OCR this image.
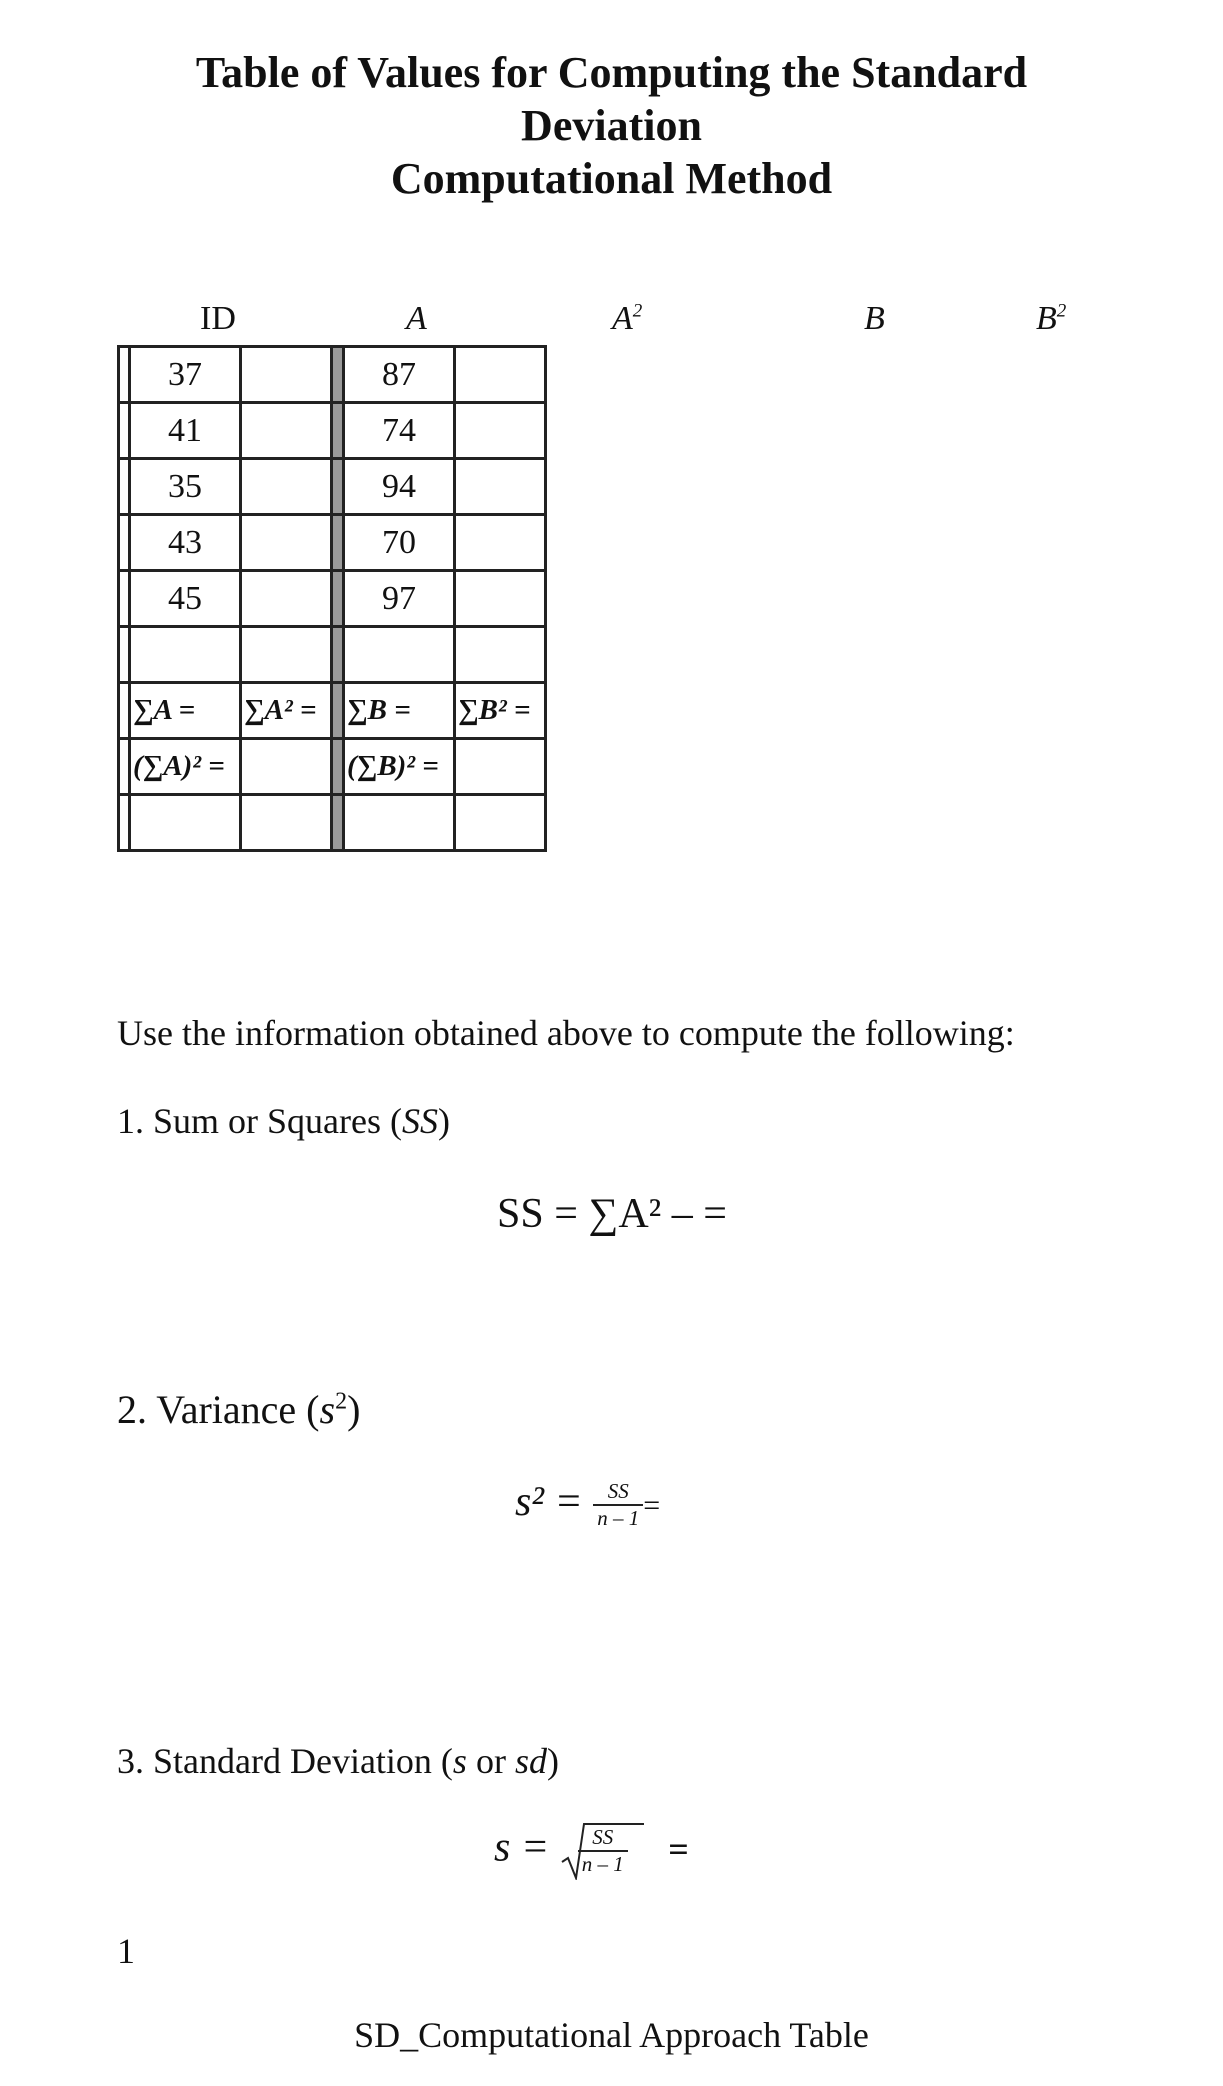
Table of Values for Computing the Standard
Deviation
Computational Method
ID	A	$A^2$	B	$B^2$
	37			87	
	41			74	
	35			94	
	43			70	
	45			97	

	∑A =	∑A² =		∑B =	∑B² =
	(∑A)² =			(∑B)² =	

Use the information obtained above to compute the following:
1. Sum or Squares (SS)
SS = ∑A² – =
2. Variance $(s^2)$
$s^2 = \frac{SS}{n - 1}$ =
3. Standard Deviation (s or sd)
$s = \frac{SS}{n - 1}$ =
1
SD_Computational Approach Table
